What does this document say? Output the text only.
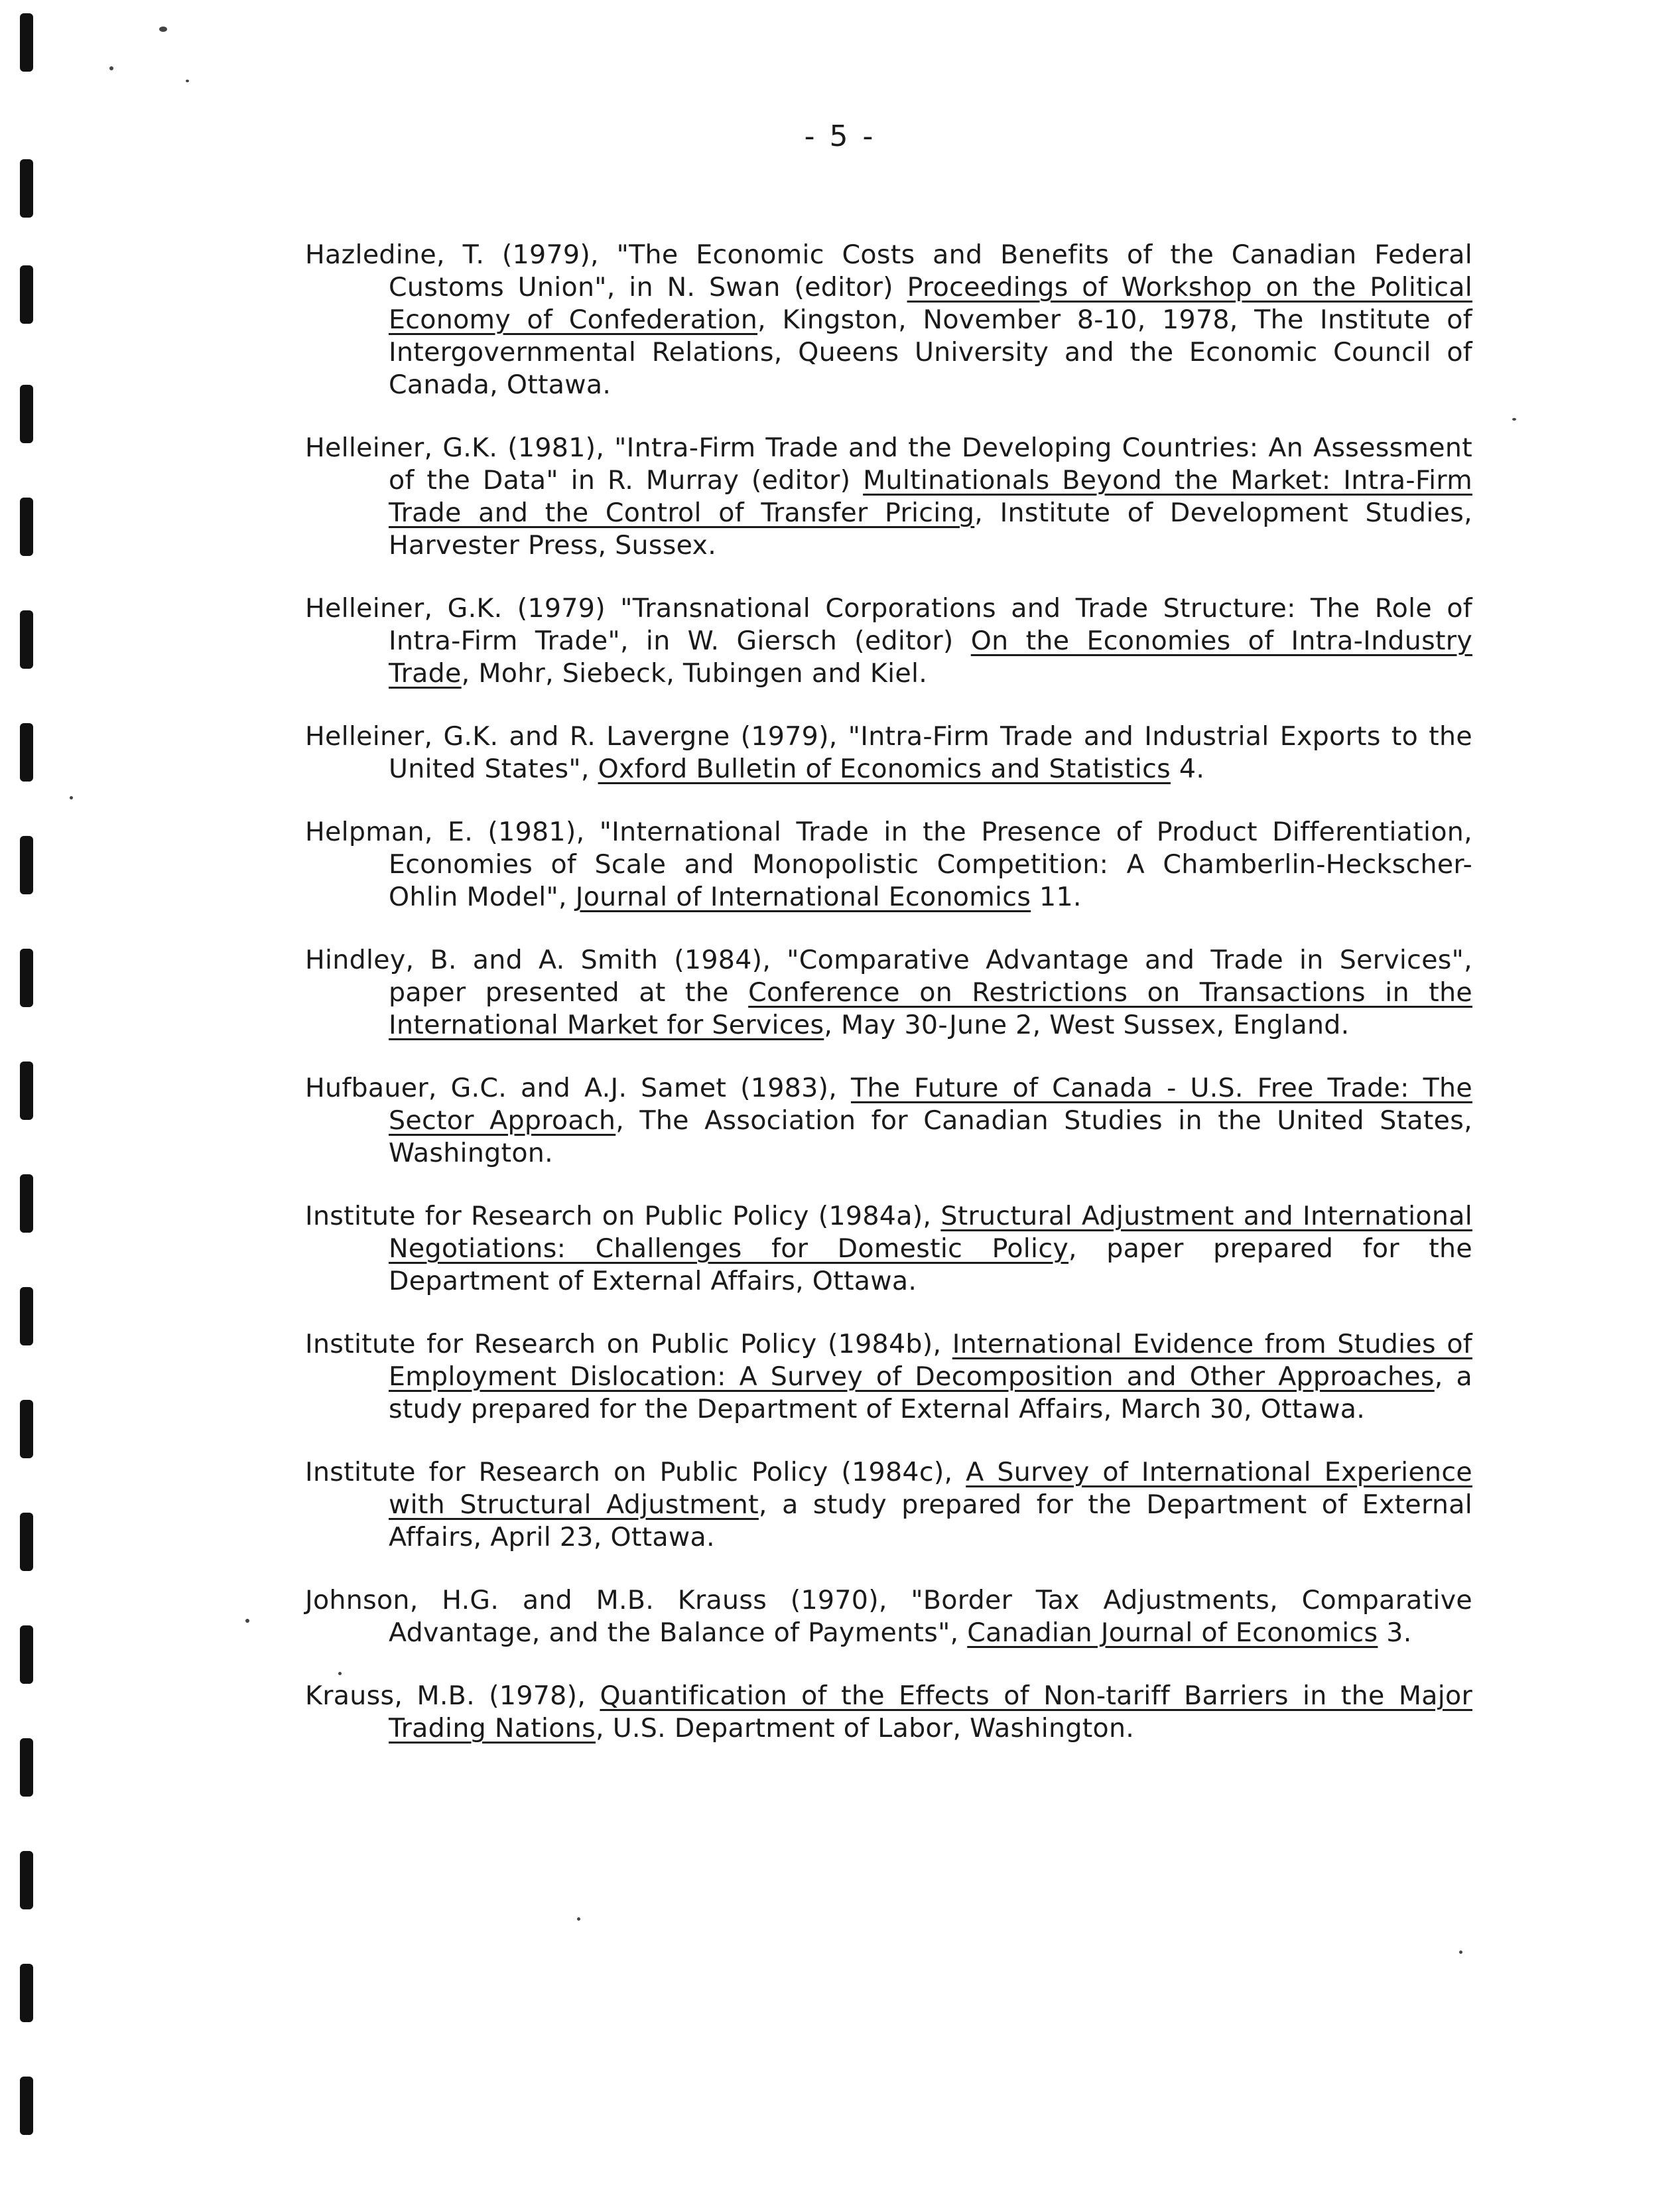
- 5 -
Hazledine, T. (1979), "The Economic Costs and Benefits of the Canadian Federal Customs Union", in N. Swan (editor) Proceedings of Workshop on the Political Economy of Confederation, Kingston, November 8-10, 1978, The Institute of Intergovernmental Relations, Queens University and the Economic Council of Canada, Ottawa.
Helleiner, G.K. (1981), "Intra-Firm Trade and the Developing Countries: An Assessment of the Data" in R. Murray (editor) Multinationals Beyond the Market: Intra-Firm Trade and the Control of Transfer Pricing, Institute of Development Studies, Harvester Press, Sussex.
Helleiner, G.K. (1979) "Transnational Corporations and Trade Structure: The Role of Intra-Firm Trade", in W. Giersch (editor) On the Economies of Intra-Industry Trade, Mohr, Siebeck, Tubingen and Kiel.
Helleiner, G.K. and R. Lavergne (1979), "Intra-Firm Trade and Industrial Exports to the United States", Oxford Bulletin of Economics and Statistics 4.
Helpman, E. (1981), "International Trade in the Presence of Product Differentiation, Economies of Scale and Monopolistic Competition: A Chamberlin-Heckscher-Ohlin Model", Journal of International Economics 11.
Hindley, B. and A. Smith (1984), "Comparative Advantage and Trade in Services", paper presented at the Conference on Restrictions on Transactions in the International Market for Services, May 30-June 2, West Sussex, England.
Hufbauer, G.C. and A.J. Samet (1983), The Future of Canada - U.S. Free Trade: The Sector Approach, The Association for Canadian Studies in the United States, Washington.
Institute for Research on Public Policy (1984a), Structural Adjustment and International Negotiations: Challenges for Domestic Policy, paper prepared for the Department of External Affairs, Ottawa.
Institute for Research on Public Policy (1984b), International Evidence from Studies of Employment Dislocation: A Survey of Decomposition and Other Approaches, a study prepared for the Department of External Affairs, March 30, Ottawa.
Institute for Research on Public Policy (1984c), A Survey of International Experience with Structural Adjustment, a study prepared for the Department of External Affairs, April 23, Ottawa.
Johnson, H.G. and M.B. Krauss (1970), "Border Tax Adjustments, Comparative Advantage, and the Balance of Payments", Canadian Journal of Economics 3.
Krauss, M.B. (1978), Quantification of the Effects of Non-tariff Barriers in the Major Trading Nations, U.S. Department of Labor, Washington.
